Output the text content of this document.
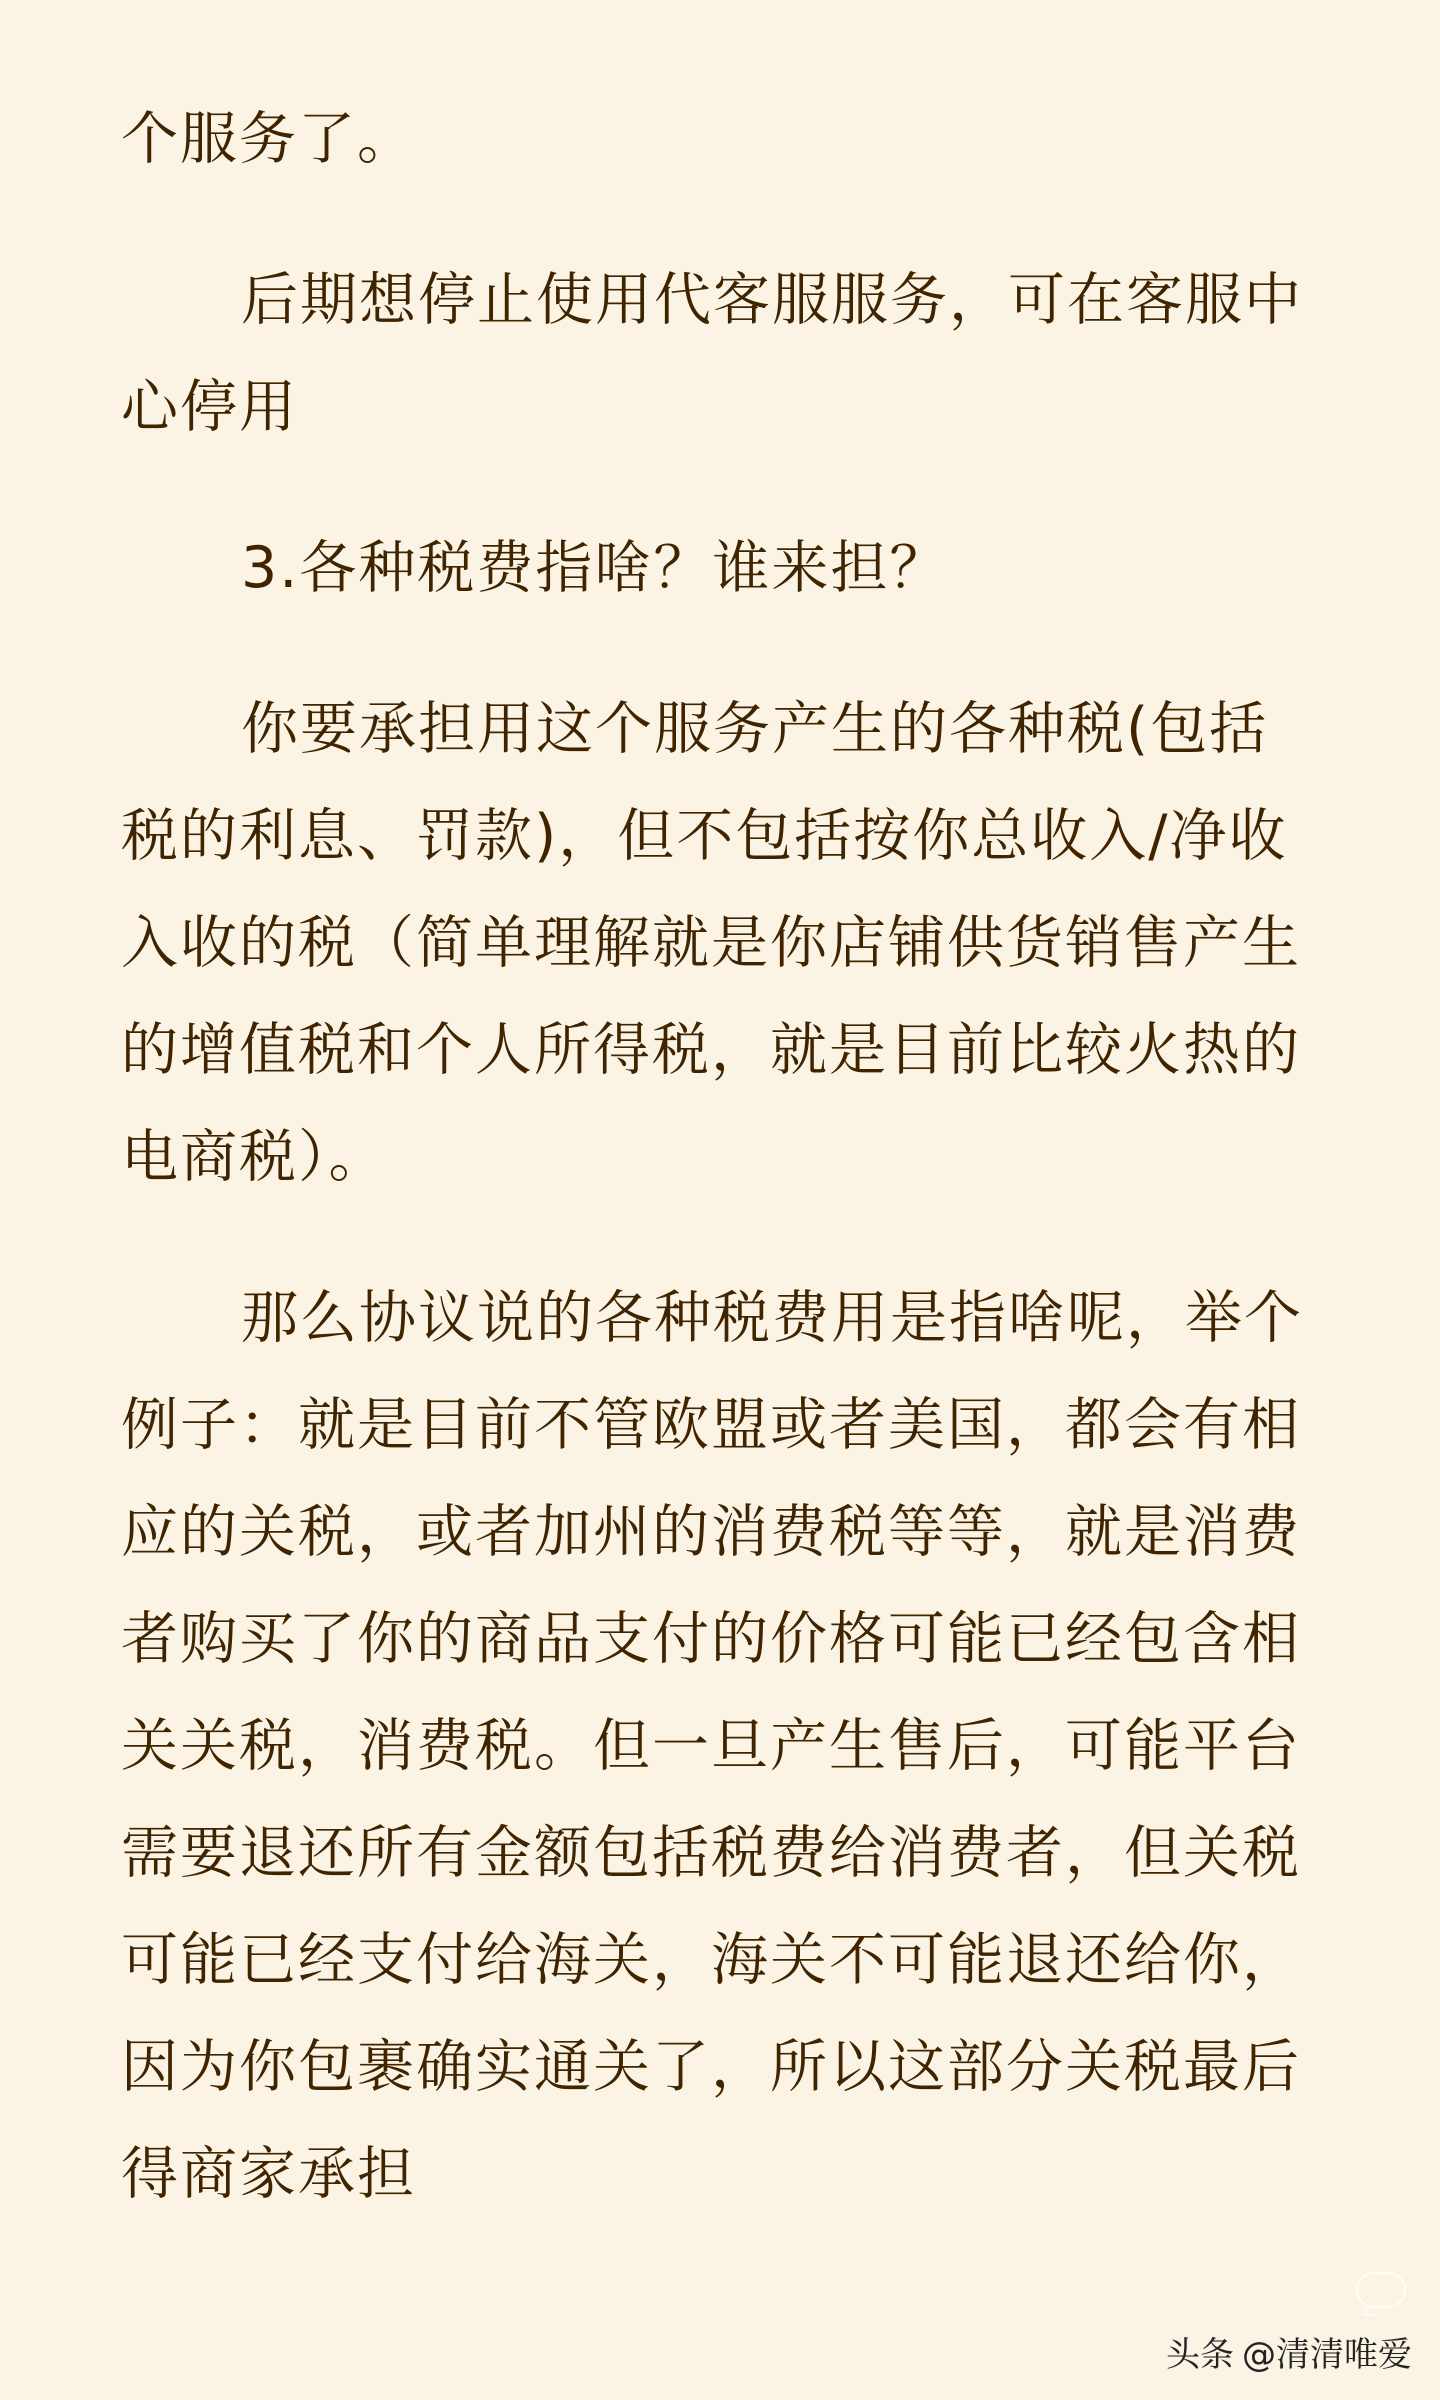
个服务了。

后期想停止使用代客服服务，可在客服中心停用

3.各种税费指啥？谁来担？

你要承担用这个服务产生的各种税(包括税的利息、罚款)，但不包括按你总收入/净收入收的税（简单理解就是你店铺供货销售产生的增值税和个人所得税，就是目前比较火热的电商税）。

那么协议说的各种税费用是指啥呢，举个例子：就是目前不管欧盟或者美国，都会有相应的关税，或者加州的消费税等等，就是消费者购买了你的商品支付的价格可能已经包含相关关税，消费税。但一旦产生售后，可能平台需要退还所有金额包括税费给消费者，但关税可能已经支付给海关，海关不可能退还给你，因为你包裹确实通关了，所以这部分关税最后得商家承担

头条 @清清唯爱
